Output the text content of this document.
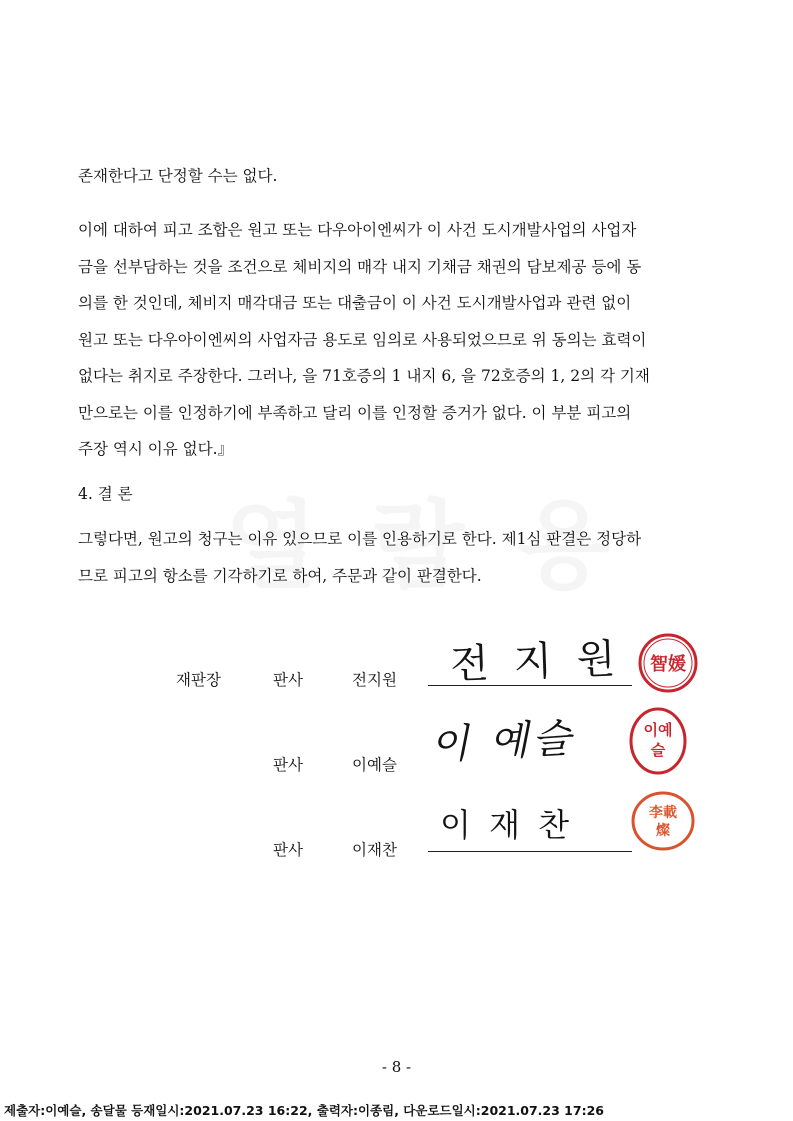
존재한다고 단정할 수는 없다.
이에 대하여 피고 조합은 원고 또는 다우아이엔씨가 이 사건 도시개발사업의 사업자
금을 선부담하는 것을 조건으로 체비지의 매각 내지 기채금 채권의 담보제공 등에 동
의를 한 것인데, 체비지 매각대금 또는 대출금이 이 사건 도시개발사업과 관련 없이
원고 또는 다우아이엔씨의 사업자금 용도로 임의로 사용되었으므로 위 동의는 효력이
없다는 취지로 주장한다. 그러나, 을 71호증의 1 내지 6, 을 72호증의 1, 2의 각 기재
만으로는 이를 인정하기에 부족하고 달리 이를 인정할 증거가 없다. 이 부분 피고의
주장 역시 이유 없다.』
4. 결 론
그렇다면, 원고의 청구는 이유 있으므로 이를 인용하기로 한다. 제1심 판결은 정당하
므로 피고의 항소를 기각하기로 하여, 주문과 같이 판결한다.
재판장	판사	전지원 전 지 원 智媛
판사	이예슬 이 예슬	이예
슬
판사	이재찬
이 재 찬	李載
燦
- 8 -
제출자:이예슬, 송달물 등재일시:2021.07.23 16:22, 출력자:이종림, 다운로드일시:2021.07.23 17:26
